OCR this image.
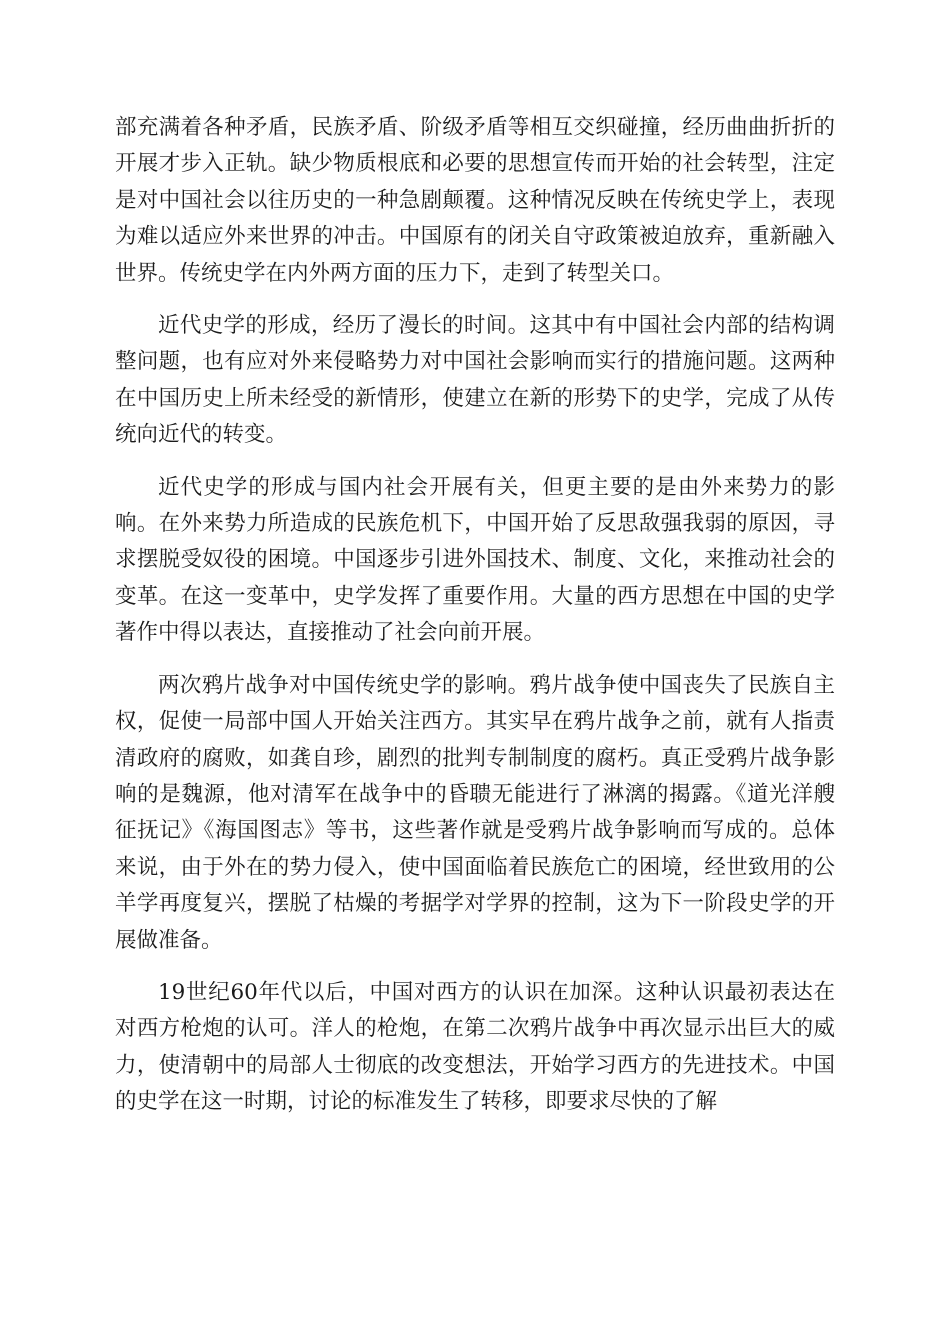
部充满着各种矛盾，民族矛盾、阶级矛盾等相互交织碰撞，经历曲曲折折的开展才步入正轨。缺少物质根底和必要的思想宣传而开始的社会转型，注定是对中国社会以往历史的一种急剧颠覆。这种情况反映在传统史学上，表现为难以适应外来世界的冲击。中国原有的闭关自守政策被迫放弃，重新融入世界。传统史学在内外两方面的压力下，走到了转型关口。

近代史学的形成，经历了漫长的时间。这其中有中国社会内部的结构调整问题，也有应对外来侵略势力对中国社会影响而实行的措施问题。这两种在中国历史上所未经受的新情形，使建立在新的形势下的史学，完成了从传统向近代的转变。

近代史学的形成与国内社会开展有关，但更主要的是由外来势力的影响。在外来势力所造成的民族危机下，中国开始了反思敌强我弱的原因，寻求摆脱受奴役的困境。中国逐步引进外国技术、制度、文化，来推动社会的变革。在这一变革中，史学发挥了重要作用。大量的西方思想在中国的史学著作中得以表达，直接推动了社会向前开展。

两次鸦片战争对中国传统史学的影响。鸦片战争使中国丧失了民族自主权，促使一局部中国人开始关注西方。其实早在鸦片战争之前，就有人指责清政府的腐败，如龚自珍，剧烈的批判专制制度的腐朽。真正受鸦片战争影响的是魏源，他对清军在战争中的昏聩无能进行了淋漓的揭露。《道光洋艘征抚记》《海国图志》等书，这些著作就是受鸦片战争影响而写成的。总体来说，由于外在的势力侵入，使中国面临着民族危亡的困境，经世致用的公羊学再度复兴，摆脱了枯燥的考据学对学界的控制，这为下一阶段史学的开展做准备。

19世纪60年代以后，中国对西方的认识在加深。这种认识最初表达在对西方枪炮的认可。洋人的枪炮，在第二次鸦片战争中再次显示出巨大的威力，使清朝中的局部人士彻底的改变想法，开始学习西方的先进技术。中国的史学在这一时期，讨论的标准发生了转移，即要求尽快的了解
